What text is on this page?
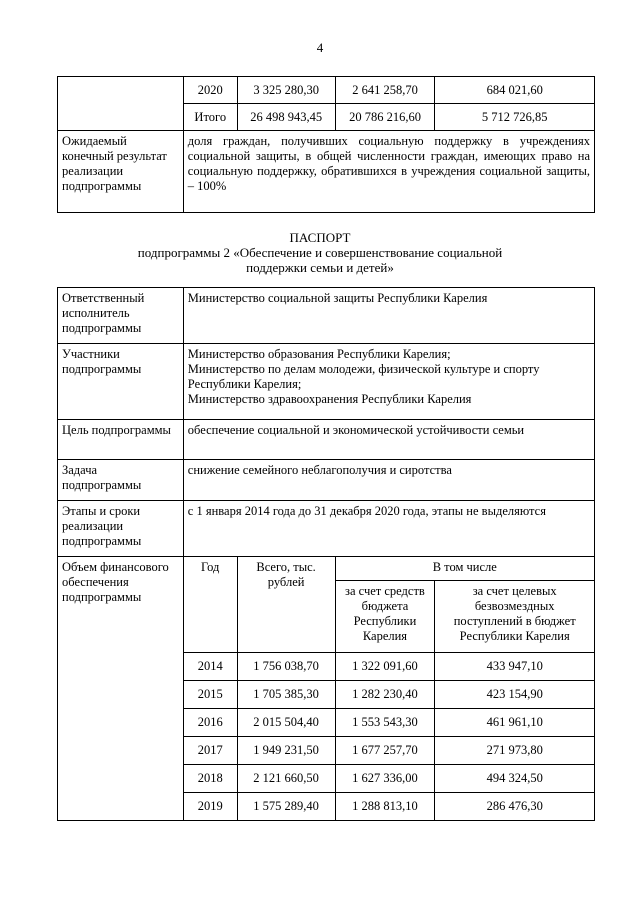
4
	2020	3 325 280,30	2 641 258,70	684 021,60
	Итого	26 498 943,45	20 786 216,60	5 712 726,85
Ожидаемый конечный результат реализации подпрограммы	доля граждан, получивших социальную поддержку в учреждениях социальной защиты, в общей численности граждан, имеющих право на социальную поддержку, обратившихся в учреждения социальной защиты, – 100%			
ПАСПОРТ
подпрограммы 2 «Обеспечение и совершенствование социальной
поддержки семьи и детей»
Ответственный исполнитель подпрограммы	Министерство социальной защиты Республики Карелия			
Участники подпрограммы	Министерство образования Республики Карелия;
Министерство по делам молодежи, физической культуре и спорту Республики Карелия;
Министерство здравоохранения Республики Карелия			

Цель подпрограммы	обеспечение социальной и экономической устойчивости семьи			
Задача подпрограммы	снижение семейного неблагополучия и сиротства			
Этапы и сроки реализации подпрограммы	с 1 января 2014 года до 31 декабря 2020 года, этапы не выделяются			
Объем финансового обеспечения подпрограммы	Год	Всего, тыс. рублей	В том числе	
			за счет средств бюджета Республики Карелия	за счет целевых безвозмездных поступлений в бюджет Республики Карелия
	2014	1 756 038,70	1 322 091,60	433 947,10
	2015	1 705 385,30	1 282 230,40	423 154,90
	2016	2 015 504,40	1 553 543,30	461 961,10
	2017	1 949 231,50	1 677 257,70	271 973,80
	2018	2 121 660,50	1 627 336,00	494 324,50
	2019	1 575 289,40	1 288 813,10	286 476,30
